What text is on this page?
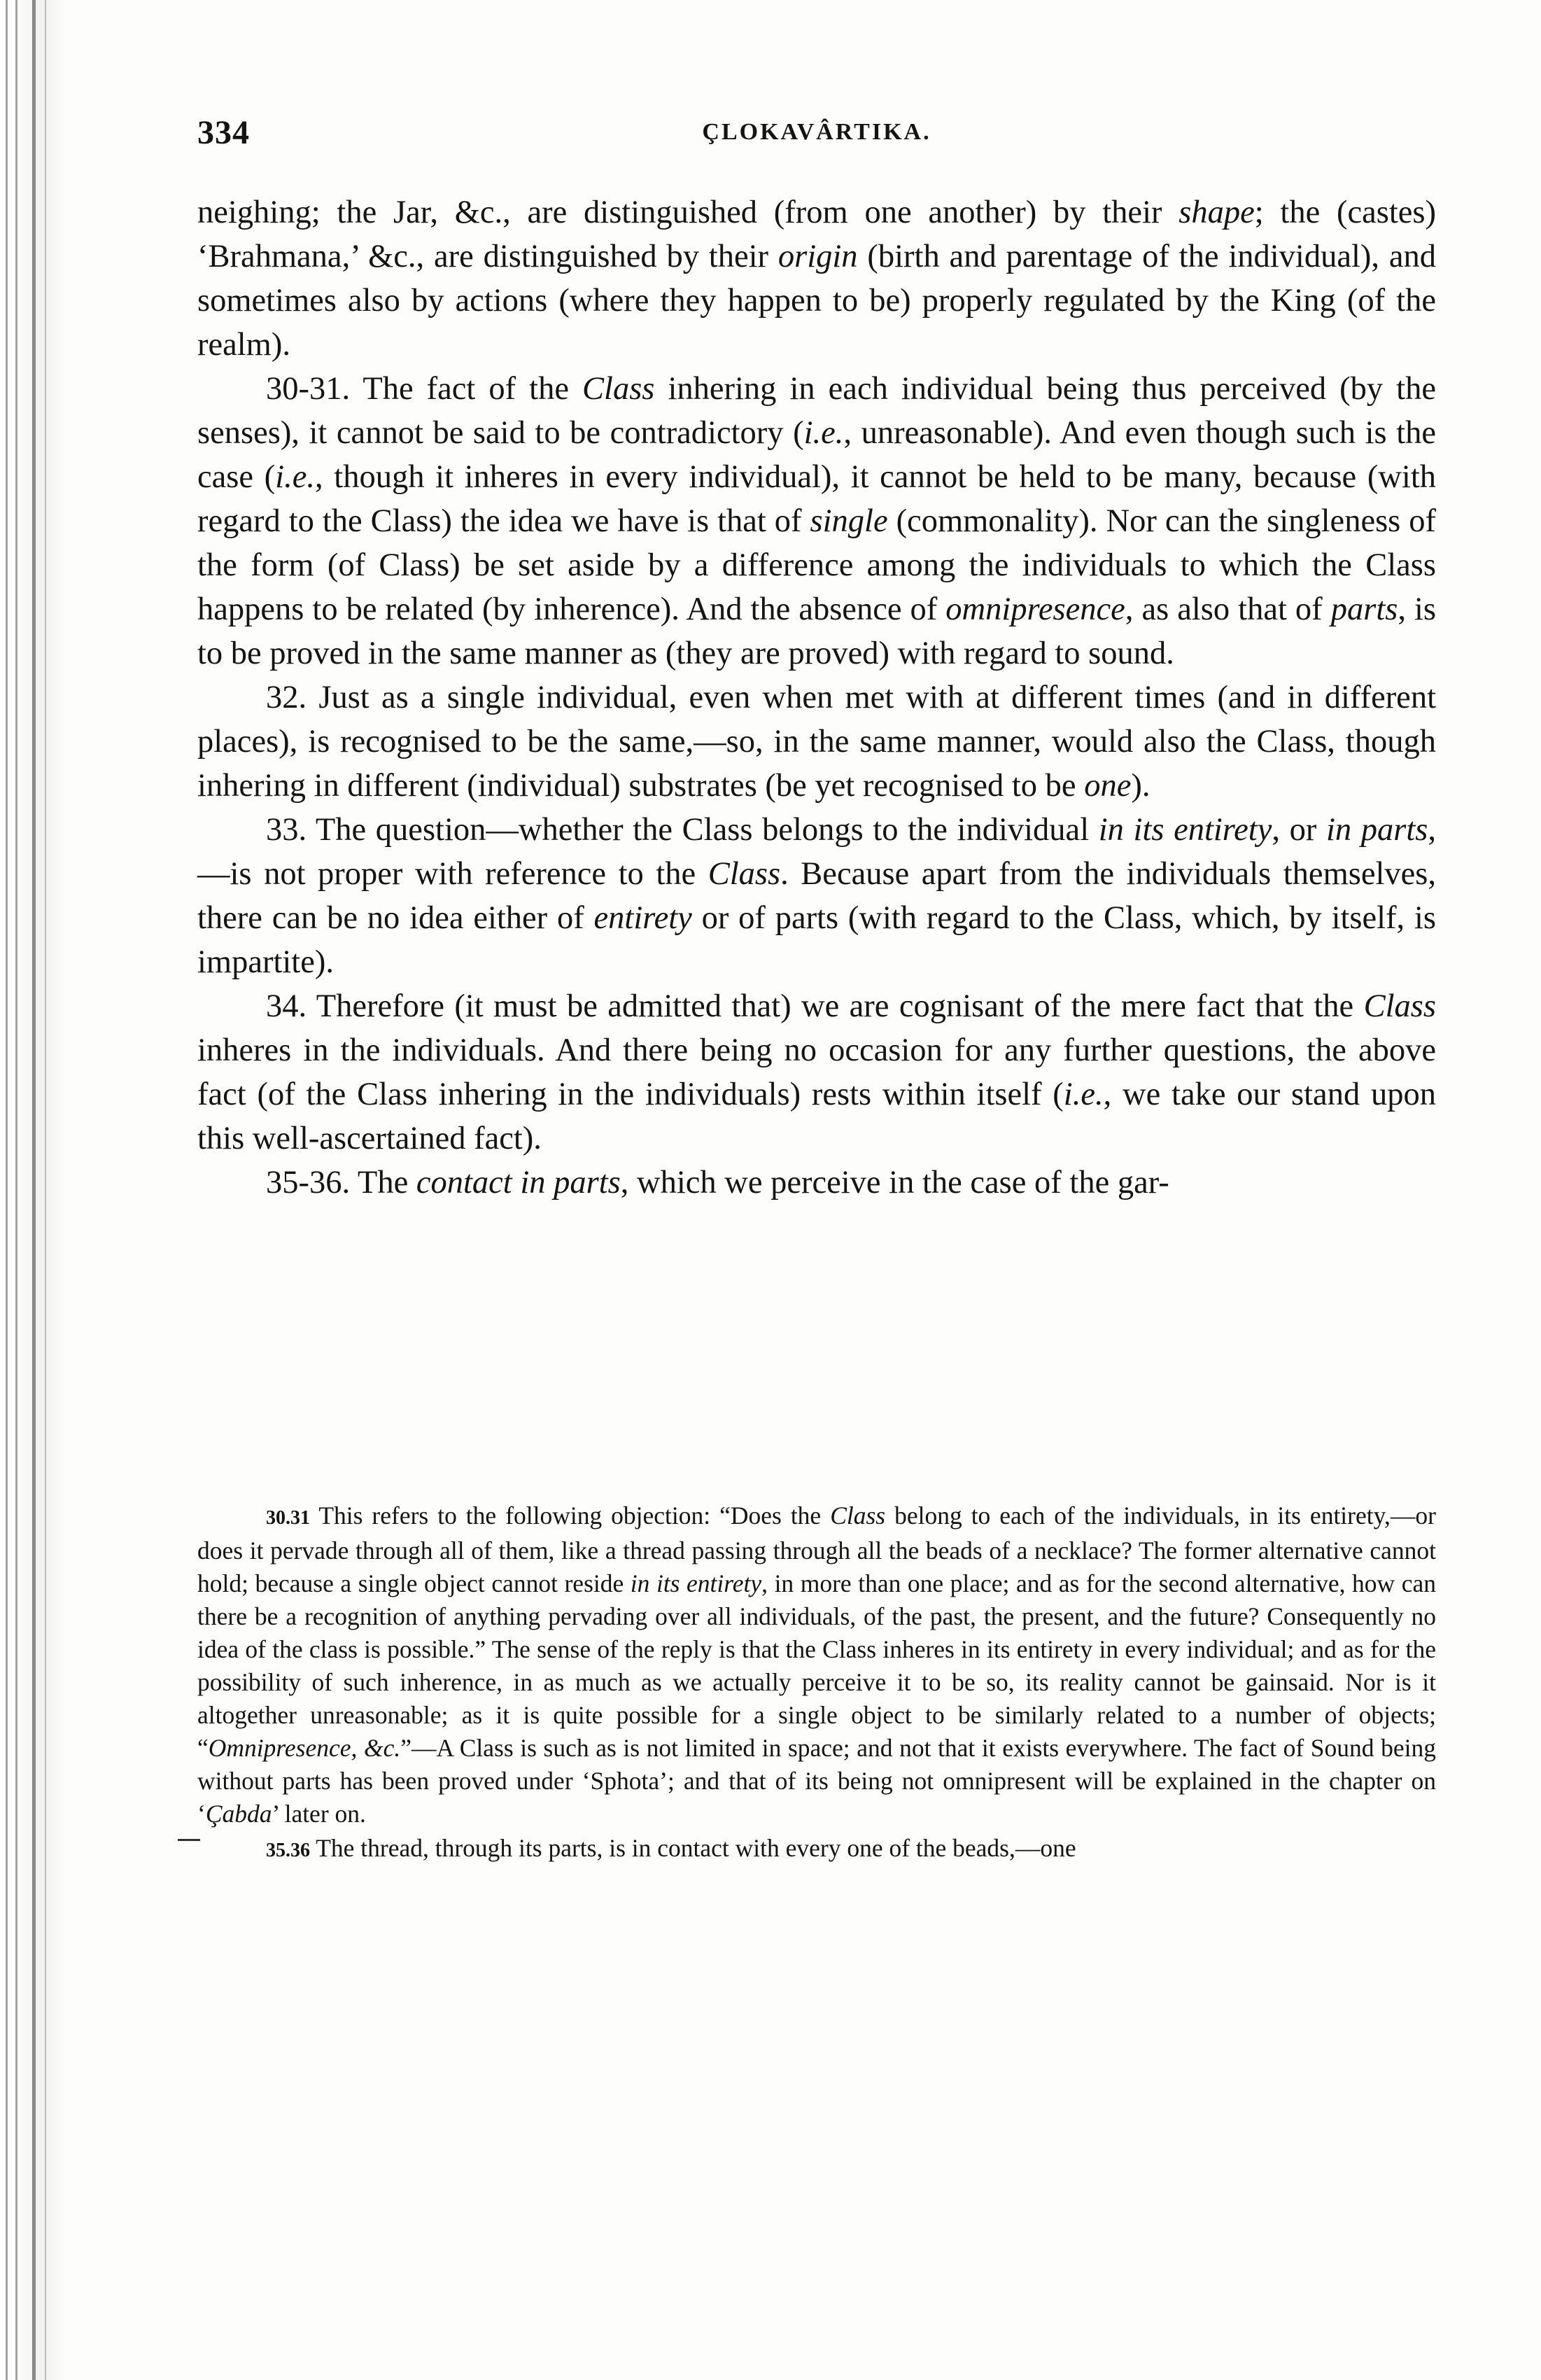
334	ÇLOKAVÂRTIKA.

neighing; the Jar, &c., are distinguished (from one another) by their shape; the (castes) ‘Brahmana,’ &c., are distinguished by their origin (birth and parentage of the individual), and sometimes also by actions (where they happen to be) properly regulated by the King (of the realm).

30-31. The fact of the Class inhering in each individual being thus perceived (by the senses), it cannot be said to be contradictory (i.e., unreasonable). And even though such is the case (i.e., though it inheres in every individual), it cannot be held to be many, because (with regard to the Class) the idea we have is that of single (commonality). Nor can the singleness of the form (of Class) be set aside by a difference among the individuals to which the Class happens to be related (by inherence). And the absence of omnipresence, as also that of parts, is to be proved in the same manner as (they are proved) with regard to sound.

32. Just as a single individual, even when met with at different times (and in different places), is recognised to be the same,—so, in the same manner, would also the Class, though inhering in different (individual) substrates (be yet recognised to be one).

33. The question—whether the Class belongs to the individual in its entirety, or in parts,—is not proper with reference to the Class. Because apart from the individuals themselves, there can be no idea either of entirety or of parts (with regard to the Class, which, by itself, is impartite).

34. Therefore (it must be admitted that) we are cognisant of the mere fact that the Class inheres in the individuals. And there being no occasion for any further questions, the above fact (of the Class inhering in the individuals) rests within itself (i.e., we take our stand upon this well-ascertained fact).

35-36. The contact in parts, which we perceive in the case of the gar-

30.31 This refers to the following objection: “Does the Class belong to each of the individuals, in its entirety,—or does it pervade through all of them, like a thread passing through all the beads of a necklace? The former alternative cannot hold; because a single object cannot reside in its entirety, in more than one place; and as for the second alternative, how can there be a recognition of anything pervading over all individuals, of the past, the present, and the future? Consequently no idea of the class is possible.” The sense of the reply is that the Class inheres in its entirety in every individual; and as for the possibility of such inherence, in as much as we actually perceive it to be so, its reality cannot be gainsaid. Nor is it altogether unreasonable; as it is quite possible for a single object to be similarly related to a number of objects; “Omnipresence, &c.”—A Class is such as is not limited in space; and not that it exists everywhere. The fact of Sound being without parts has been proved under ‘Sphota’; and that of its being not omnipresent will be explained in the chapter on ‘Çabda’ later on.

35.36 The thread, through its parts, is in contact with every one of the beads,—one
